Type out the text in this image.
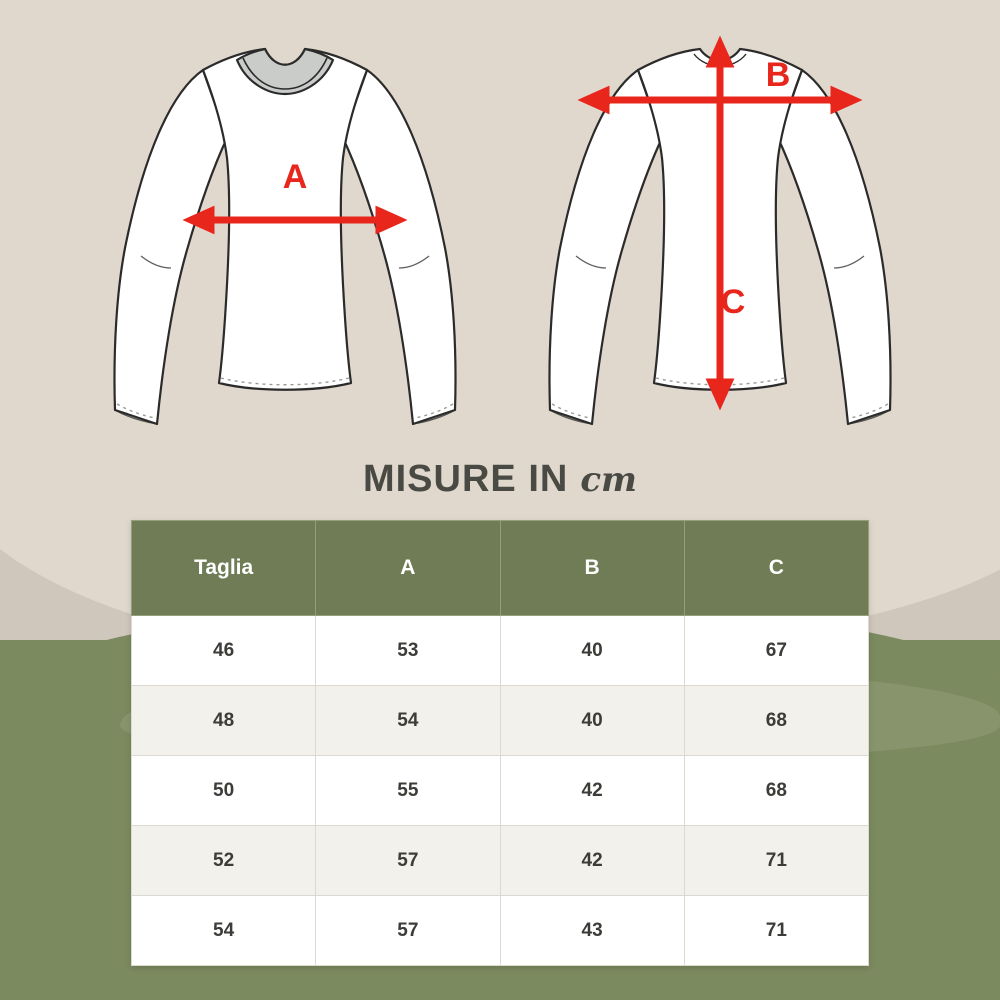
A
B
C
MISURE IN cm
Taglia	A	B	C
46	53	40	67
48	54	40	68
50	55	42	68
52	57	42	71
54	57	43	71
